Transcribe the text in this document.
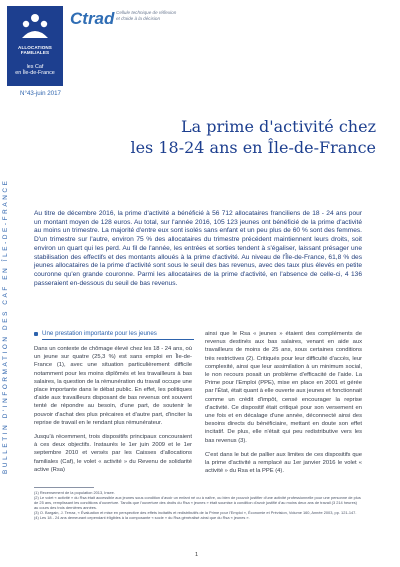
ALLOCATIONS
FAMILIALES
les Caf
en Île-de-France
Ctrad Cellule technique de réflexion
et d'aide à la décision
BULLETIN D'INFORMATION DES CAF EN ÎLE-DE-FRANCE
N°43-juin 2017
La prime d'activité chez
les 18-24 ans en Île-de-France

Au titre de décembre 2016, la prime d'activité a bénéficié à 56 712 allocataires franciliens de 18 - 24 ans pour un montant moyen de 128 euros. Au total, sur l'année 2016, 105 123 jeunes ont bénéficié de la prime d'activité au moins un trimestre. La majorité d'entre eux sont isolés sans enfant et un peu plus de 60 % sont des femmes. D'un trimestre sur l'autre, environ 75 % des allocataires du trimestre précédent maintiennent leurs droits, soit environ un quart qui les perd. Au fil de l'année, les entrées et sorties tendent à s'égaliser, laissant présager une stabilisation des effectifs et des montants alloués à la prime d'activité. Au niveau de l'Île-de-France, 61,8 % des jeunes allocataires de la prime d'activité sont sous le seuil des bas revenus, avec des taux plus élevés en petite couronne qu'en grande couronne. Parmi les allocataires de la prime d'activité, en l'absence de celle-ci, 4 136 passeraient en-dessous du seuil de bas revenus.

Une prestation importante pour les jeunes

Dans un contexte de chômage élevé chez les 18 - 24 ans, où un jeune sur quatre (25,3 %) est sans emploi en Île-de-France (1), avec une situation particulièrement difficile notamment pour les moins diplômés et les travailleurs à bas salaires, la question de la rémunération du travail occupe une place importante dans le débat public. En effet, les politiques d'aide aux travailleurs disposant de bas revenus ont souvent tenté de répondre au besoin, d'une part, de soutenir le pouvoir d'achat des plus précaires et d'autre part, d'inciter la reprise de travail en le rendant plus rémunérateur.

Jusqu'à récemment, trois dispositifs principaux concouraient à ces deux objectifs. Instaurés le 1er juin 2009 et le 1er septembre 2010 et versés par les Caisses d'allocations familiales (Caf), le volet « activité » du Revenu de solidarité active (Rsa)

ainsi que le Rsa « jeunes » étaient des compléments de revenus destinés aux bas salaires, venant en aide aux travailleurs de moins de 25 ans, sous certaines conditions très restrictives (2). Critiqués pour leur difficulté d'accès, leur complexité, ainsi que leur assimilation à un minimum social, le non recours posait un problème d'efficacité de l'aide. La Prime pour l'Emploi (PPE), mise en place en 2001 et gérée par l'État, était quant à elle ouverte aux jeunes et fonctionnait comme un crédit d'impôt, censé encourager la reprise d'activité. Ce dispositif était critiqué pour son versement en une fois et en décalage d'une année, déconnecté ainsi des besoins directs du bénéficiaire, mettant en doute son effet incitatif. De plus, elle n'était qui peu redistributive vers les bas revenus (3).

C'est dans le but de pallier aux limites de ces dispositifs que la prime d'activité a remplacé au 1er janvier 2016 le volet « activité » du Rsa et la PPE (4).

(1) Recensement de la population 2013, Insee.
(2) Le volet « activité » du Rsa était accessible aux jeunes sous condition d'avoir un enfant né ou à naître, ou bien de pouvoir justifier d'une activité professionnelle pour une personne de plus de 25 ans, remplissant les conditions d'ouverture. Tandis que l'ouverture des droits du Rsa « jeunes » était soumise à condition d'avoir justifié d'au moins deux ans de travail (3 214 heures) au cours des trois dernières années.
(3) O. Bargain, J. Terraz, « Évaluation et mise en perspective des effets incitatifs et redistributifs de la Prime pour l'Emploi », Économie et Prévision, Volume 160, Année 2003, pp. 121-147.
(4) Les 18 - 24 ans demeurant cependant éligibles à la composante « socle » du Rsa généralisé ainsi que du Rsa « jeunes ».
1
